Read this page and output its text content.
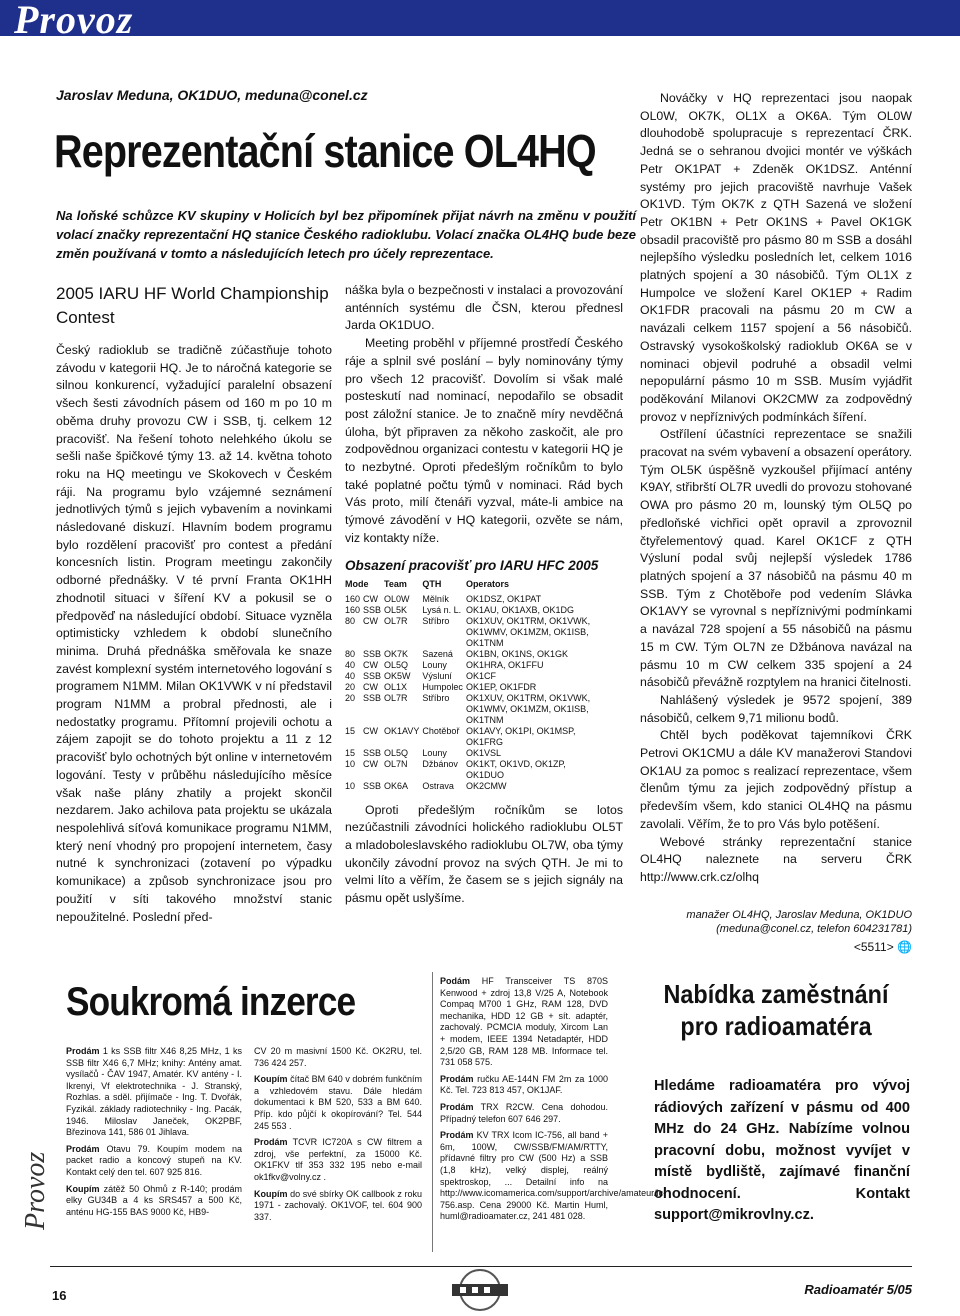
Provoz
Jaroslav Meduna, OK1DUO, meduna@conel.cz
Reprezentační stanice OL4HQ
Na loňské schůzce KV skupiny v Holicích byl bez připomínek přijat návrh na změnu v použití volací značky reprezentační HQ stanice Českého radioklubu. Volací značka OL4HQ bude beze změn používaná v tomto a následujících letech pro účely reprezentace.
2005 IARU HF World Championship Contest

Český radioklub se tradičně zúčastňuje tohoto závodu v kategorii HQ. Je to náročná kategorie se silnou konkurencí, vyžadující paralelní obsazení všech šesti závodních pásem od 160 m po 10 m oběma druhy provozu CW i SSB, tj. celkem 12 pracovišť. Na řešení tohoto nelehkého úkolu se sešli naše špičkové týmy 13. až 14. května tohoto roku na HQ meetingu ve Skokovech v Českém ráji. Na programu bylo vzájemné seznámení jednotlivých týmů s jejich vybavením a novinkami následované diskuzí. Hlavním bodem programu bylo rozdělení pracovišť pro contest a předání koncesních listin. Program meetingu zakončily odborné přednášky. V té první Franta OK1HH zhodnotil situaci v šíření KV a pokusil se o předpověď na následující období. Situace vyzněla optimisticky vzhledem k období slunečního minima. Druhá přednáška směřovala ke snaze zavést komplexní systém internetového logování s programem N1MM. Milan OK1VWK v ní představil program N1MM a probral přednosti, ale i nedostatky programu. Přítomní projevili ochotu a zájem zapojit se do tohoto projektu a 11 z 12 pracovišť bylo ochotných být online v internetovém logování. Testy v průběhu následujícího měsíce však naše plány zhatily a projekt skončil nezdarem. Jako achilova pata projektu se ukázala nespolehlivá síťová komunikace programu N1MM, který není vhodný pro propojení internetem, časy nutné k synchronizaci (zotavení po výpadku komunikace) a způsob synchronizace jsou pro použití v síti takového množství stanic nepoužitelné. Poslední před-

náška byla o bezpečnosti v instalaci a provozování anténních systému dle ČSN, kterou přednesl Jarda OK1DUO.

Meeting proběhl v příjemné prostředí Českého ráje a splnil své poslání – byly nominovány týmy pro všech 12 pracovišť. Dovolím si však malé posteskutí nad nominací, nepodařilo se obsadit post záložní stanice. Je to značně míry nevděčná úloha, být připraven za někoho zaskočit, ale pro zodpovědnou organizaci contestu v kategorii HQ je to nezbytné. Oproti předešlým ročníkům to bylo také poplatné počtu týmů v nominaci. Rád bych Vás proto, milí čtenáři vyzval, máte-li ambice na týmové závodění v HQ kategorii, ozvěte se nám, viz kontakty níže.

Obsazení pracovišť pro IARU HFC 2005
Mode		Team	QTH	Operators
160	CW	OL0W	Mělník	OK1DSZ, OK1PAT
160	SSB	OL5K	Lysá n. L.	OK1AU, OK1AXB, OK1DG
80	CW	OL7R	Stříbro	OK1XUV, OK1TRM, OK1VWK, OK1WMV, OK1MZM, OK1ISB, OK1TNM
80	SSB	OK7K	Sazená	OK1BN, OK1NS, OK1GK
40	CW	OL5Q	Louny	OK1HRA, OK1FFU
40	SSB	OK5W	Výsluní	OK1CF
20	CW	OL1X	Humpolec	OK1EP, OK1FDR
20	SSB	OL7R	Stříbro	OK1XUV, OK1TRM, OK1VWK, OK1WMV, OK1MZM, OK1ISB, OK1TNM
15	CW	OK1AVY	Chotěboř	OK1AVY, OK1PI, OK1MSP, OK1FRG
15	SSB	OL5Q	Louny	OK1VSL
10	CW	OL7N	Džbánov	OK1KT, OK1VD, OK1ZP, OK1DUO
10	SSB	OK6A	Ostrava	OK2CMW

Oproti předešlým ročníkům se lotos nezúčastnili závodníci holického radioklubu OL5T a mladoboleslavského radioklubu OL7W, oba týmy ukončily závodní provoz na svých QTH. Je mi to velmi líto a věřím, že časem se s jejich signály na pásmu opět uslyšíme.

Nováčky v HQ reprezentaci jsou naopak OL0W, OK7K, OL1X a OK6A. Tým OL0W dlouhodobě spolupracuje s reprezentací ČRK. Jedná se o sehranou dvojici montér ve výškách Petr OK1PAT + Zdeněk OK1DSZ. Anténní systémy pro jejich pracoviště navrhuje Vašek OK1VD. Tým OK7K z QTH Sazená ve složení Petr OK1BN + Petr OK1NS + Pavel OK1GK obsadil pracoviště pro pásmo 80 m SSB a dosáhl nejlepšího výsledku posledních let, celkem 1016 platných spojení a 30 násobičů. Tým OL1X z Humpolce ve složení Karel OK1EP + Radim OK1FDR pracovali na pásmu 20 m CW a navázali celkem 1157 spojení a 56 násobičů. Ostravský vysokoškolský radioklub OK6A se v nominaci objevil podruhé a obsadil velmi nepopulární pásmo 10 m SSB. Musím vyjádřit poděkování Milanovi OK2CMW za zodpovědný provoz v nepříznivých podmínkách šíření.

Ostřílení účastníci reprezentace se snažili pracovat na svém vybavení a obsazení operátory. Tým OL5K úspěšně vyzkoušel přijímací antény K9AY, střibrští OL7R uvedli do provozu stohované OWA pro pásmo 20 m, lounský tým OL5Q po předloňské vichřici opět opravil a zprovoznil čtyřelementový quad. Karel OK1CF z QTH Výsluní podal svůj nejlepší výsledek 1786 platných spojení a 37 násobičů na pásmu 40 m SSB. Tým z Chotěboře pod vedením Slávka OK1AVY se vyrovnal s nepříznivými podmínkami a navázal 728 spojení a 55 násobičů na pásmu 15 m CW. Tým OL7N ze Džbánova navázal na pásmu 10 m CW celkem 335 spojení a 24 násobičů převážně rozptylem na hranici čitelnosti.

Nahlášený výsledek je 9572 spojení, 389 násobičů, celkem 9,71 milionu bodů.

Chtěl bych poděkovat tajemníkovi ČRK Petrovi OK1CMU a dále KV manažerovi Standovi OK1AU za pomoc s realizací reprezentace, všem členům týmu za jejich zodpovědný přístup a především všem, kdo stanici OL4HQ na pásmu zavolali. Věřím, že to pro Vás bylo potěšení.

Webové stránky reprezentační stanice OL4HQ naleznete na serveru ČRK http://www.crk.cz/olhq

manažer OL4HQ, Jaroslav Meduna, OK1DUO (meduna@conel.cz, telefon 604231781)
<5511> 🌐
Soukromá inzerce

Prodám 1 ks SSB filtr X46 8,25 MHz, 1 ks SSB filtr X46 6,7 MHz; knihy: Antény amat. vysílačů - ČAV 1947, Amatér. KV antény - I. Ikrenyi, Vf elektrotechnika - J. Stranský, Rozhlas. a sděl. přijímače - Ing. T. Dvořák, Fyzikál. základy radiotechniky - Ing. Pacák, 1946. Miloslav Janeček, OK2PBF, Březinova 141, 586 01 Jihlava.

Prodám Otavu 79. Koupím modem na packet radio a koncový stupeň na KV. Kontakt celý den tel. 607 925 816.

Koupím zátěž 50 Ohmů z R-140; prodám elky GU34B a 4 ks SRS457 a 500 Kč, anténu HG-155 BAS 9000 Kč, HB9-

CV 20 m masivní 1500 Kč. OK2RU, tel. 736 424 257.

Koupím čítač BM 640 v dobrém funkčním a vzhledovém stavu. Dále hledám dokumentaci k BM 520, 533 a BM 640. Příp. kdo půjčí k okopírování? Tel. 544 245 553 .

Prodám TCVR IC720A s CW filtrem a zdroj, vše perfektní, za 15000 Kč. OK1FKV tlf 353 332 195 nebo e-mail ok1fkv@volny.cz .

Koupím do své sbírky OK callbook z roku 1971 - zachovalý. OK1VOF, tel. 604 900 337.

Podám HF Transceiver TS 870S Kenwood + zdroj 13,8 V/25 A, Notebook Compaq M700 1 GHz, RAM 128, DVD mechanika, HDD 12 GB + sít. adaptér, zachovalý. PCMCIA moduly, Xircom Lan + modem, IEEE 1394 Netadaptér, HDD 2,5/20 GB, RAM 128 MB. Informace tel. 731 058 575.

Prodám ručku AE-144N FM 2m za 1000 Kč. Tel. 723 813 457, OK1JAF.

Prodám TRX R2CW. Cena dohodou. Případný telefon 607 646 297.

Prodám KV TRX Icom IC-756, all band + 6m, 100W, CW/SSB/FM/AM/RTTY, přídavné filtry pro CW (500 Hz) a SSB (1,8 kHz), velký displej, reálný spektroskop, ... Detailní info na http://www.icomamerica.com/support/archive/amateur/ic-756.asp. Cena 29000 Kč. Martin Huml, huml@radioamater.cz, 241 481 028.

Nabídka zaměstnání pro radioamatéra
Hledáme radioamatéra pro vývoj rádiových zařízení v pásmu od 400 MHz do 24 GHz. Nabízíme volnou pracovní dobu, možnost vyvíjet v místě bydliště, zajímavé finanční ohodnocení. Kontakt support@mikrovlny.cz.
Provoz
16	Radioamatér 5/05
